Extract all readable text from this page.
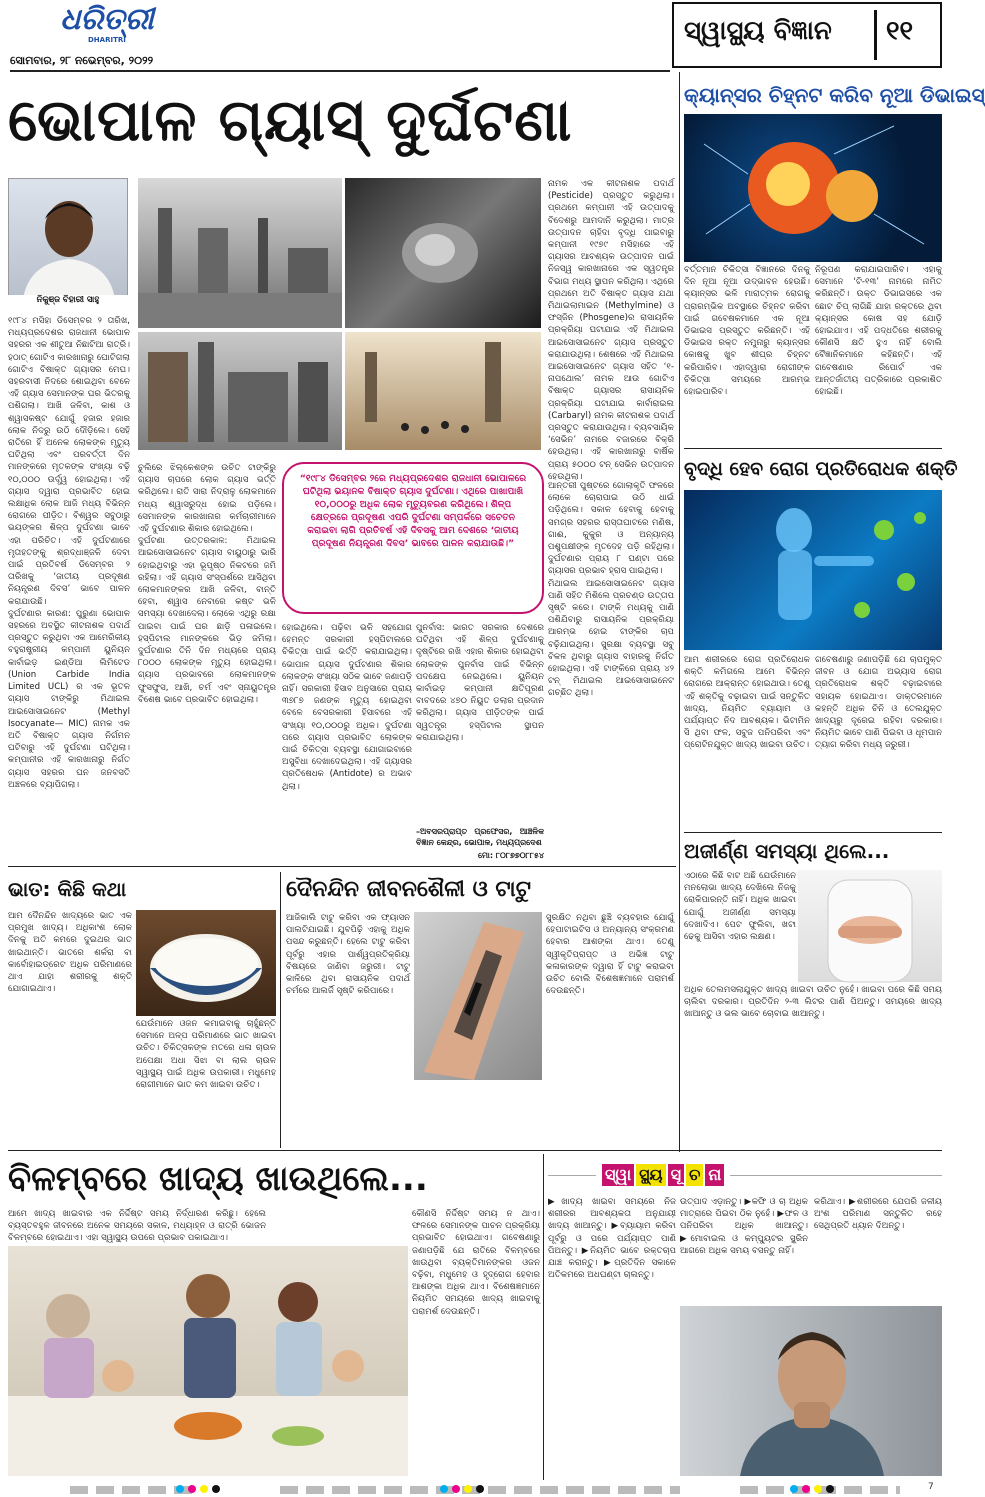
ଧରିତ୍ରୀ
DHARITRI
ସୋମବାର, ୨୮ ନଭେମ୍ବର, ୨୦୨୨
ସ୍ୱାସ୍ଥ୍ୟ ବିଜ୍ଞାନ ୧୧
ଭୋପାଳ ଗ୍ୟାସ୍ ଦୁର୍ଘଟଣା
ନିକୁଞ୍ଜ ବିହାରୀ ସାହୁ
୧୯୮୪ ମସିହା ଡିସେମ୍ବର ୨ ତାରିଖ, ମଧ୍ୟପ୍ରଦେଶର ରାଜଧାନୀ ଭୋପାଳ ସହରର ଏକ ଶୀତୁଆ ନିଛାଟିଆ ରାତ୍ରି। ହଠାତ୍‌ ଗୋଟିଏ କାରଖାନାରୁ ଘୋଟିଗଲା ଗୋଟିଏ ବିଷାକ୍ତ ଗ୍ୟାସର ମେଘ। ସହରବାସୀ ନିଦରେ ଶୋଇଥିବା ବେଳେ ଏହି ଗ୍ୟାସ ସେମାନଙ୍କ ଘର ଭିତରକୁ ପଶିଗଲା। ଆଖି ଜଳିବା, କାଶ ଓ ଶ୍ୱାସକଷ୍ଟ ଯୋଗୁଁ ହଜାର ହଜାର ଲୋକ ନିଦରୁ ଉଠି ଦୌଡ଼ିଲେ। ସେହି ରାତିରେ ହିଁ ଅନେକ ଲୋକଙ୍କ ମୃତ୍ୟୁ ଘଟିଥିଲା ଏବଂ ପରବର୍ତ୍ତୀ ଦିନ ମାନଙ୍କରେ ମୃତକଙ୍କ ସଂଖ୍ୟା ବଢ଼ି ୧୦,୦୦୦ ଉର୍ଦ୍ଧ୍ୱ ହୋଇଥିଲା। ଏହି ଗ୍ୟାସ ଦ୍ୱାରା ପ୍ରଭାବିତ ହୋଇ ଲକ୍ଷାଧିକ ଲୋକ ଆଜି ମଧ୍ୟ ବିଭିନ୍ନ ରୋଗରେ ପୀଡ଼ିତ। ବିଶ୍ୱର ସବୁଠାରୁ ଭୟଙ୍କର ଶିଳ୍ପ ଦୁର୍ଘଟଣା ଭାବେ ଏହା ପରିଚିତ। ଏହି ଦୁର୍ଘଟଣାରେ ମୃତାହତଙ୍କୁ ଶ୍ରଦ୍ଧାଞ୍ଜଳି ଦେବା ପାଇଁ ପ୍ରତିବର୍ଷ ଡିସେମ୍ବର ୨ ତାରିଖକୁ ‘ଜାତୀୟ ପ୍ରଦୂଷଣ ନିୟନ୍ତ୍ରଣ ଦିବସ’ ଭାବେ ପାଳନ କରାଯାଉଛି।
ଦୁର୍ଘଟଣାର କାରଣ: ପୁରୁଣା ଭୋପାଳ ସହରରେ ଅବସ୍ଥିତ କୀଟନାଶକ ପଦାର୍ଥ ପ୍ରସ୍ତୁତ କରୁଥିବା ଏକ ଆମେରିକୀୟ ବହୁରାଷ୍ଟ୍ରୀୟ କମ୍ପାନୀ ୟୁନିୟନ କାର୍ବାଇଡ଼ ଇଣ୍ଡିଆ ଲିମିଟେଡ (Union Carbide India Limited UCL) ର ଏକ ଭୂତଳ ଗ୍ୟାସ ଟାଙ୍କିରୁ ମିଥାଇଲ ଆଇସୋସାଇନେଟ (Methyl Isocyanate— MIC) ନାମକ ଏକ ଅତି ବିଷାକ୍ତ ଗ୍ୟାସ ନିର୍ଗମନ ଘଟିବାରୁ ଏହି ଦୁର୍ଘଟଣା ଘଟିଥିଲା। କମ୍ପାନୀର ଏହି କାରଖାନାରୁ ନିର୍ଗତ ଗ୍ୟାସ ସହରର ଘନ ଜନବସତି ଅଞ୍ଚଳରେ ବ୍ୟାପିଗଲା।
ନାମକ ଏକ କୀଟନାଶକ ପଦାର୍ଥ (Pesticide) ପ୍ରସ୍ତୁତ କରୁଥିଲା। ପ୍ରଥମେ କମ୍ପାନୀ ଏହି ଉତ୍ପାଦକୁ ବିଦେଶରୁ ଆମଦାନି କରୁଥିଲା। ମାତ୍ର ଉତ୍ପାଦନ ଚାହିଦା ବୃଦ୍ଧି ପାଇବାରୁ କମ୍ପାନୀ ୧୯୭୯ ମସିହାରେ ଏହି ଗ୍ୟାସର ଆବଶ୍ୟକ ଉତ୍ପାଦନ ପାଇଁ ନିଜସ୍ୱ କାରଖାନାରେ ଏକ ସ୍ୱତନ୍ତ୍ର ବିଭାଗ ମଧ୍ୟ ସ୍ଥାପନ କରିଥିଲା। ଏଥିରେ ପ୍ରଥମେ ଅତି ବିଷାକ୍ତ ଗ୍ୟାସ ଯଥା ମିଥାଇଲାମାଇନ (Methylmine) ଓ ଫସ୍‌ଜିନ (Phosgene)ର ରାସାୟନିକ ପ୍ରକ୍ରିୟା ଘଟାଯାଇ ଏହି ମିଥାଇଲ ଆଇସୋସାଇନେଟ ଗ୍ୟାସ ପ୍ରସ୍ତୁତ କରାଯାଉଥିଲା। ଶେଷରେ ଏହି ମିଥାଇଲ ଆଇସୋସାଇନେଟ ଗ୍ୟାସ ସହିତ ‘୧-ନାପଥୋଲ’ ନାମକ ଆଉ ଗୋଟିଏ ବିଷାକ୍ତ ଗ୍ୟାସର ରାସାୟନିକ ପ୍ରକ୍ରିୟା ଘଟାଯାଇ କାର୍ବାରାଇଲ (Carbaryl) ନାମକ କୀଟନାଶକ ପଦାର୍ଥ ପ୍ରସ୍ତୁତ କରାଯାଉଥିଲା। ବ୍ୟବସାୟିକ ‘ସେଭିନ’ ନାମରେ ବଜାରରେ ବିକ୍ରି ହେଉଥିଲା। ଏହି କାରଖାନାରୁ ବାର୍ଷିକ ପ୍ରାୟ ୫୦୦୦ ଟନ୍ ସେଭିନ ଉତ୍ପାଦନ ହେଉଥିଲା।
“୧୯୮୪ ଡିସେମ୍ବର ୨ରେ ମଧ୍ୟପ୍ରଦେଶର ରାଜଧାନୀ ଭୋପାଳରେ ଘଟିଥିଲା ଭୟାନକ ବିଷାକ୍ତ ଗ୍ୟାସ ଦୁର୍ଘଟଣା। ଏଥିରେ ପାଖାପାଖି ୧୦,୦୦୦ରୁ ଅଧିକ ଲୋକ ମୃତ୍ୟୁବରଣ କରିଥିଲେ। ଶିଳ୍ପ କ୍ଷେତ୍ରରେ ପ୍ରଦୂଷଣ ଏପରି ଦୁର୍ଘଟଣା ସମ୍ପର୍କରେ ସଚେତନ କରାଇବା ଲାଗି ପ୍ରତିବର୍ଷ ଏହି ଦିବସକୁ ଆମ ଦେଶରେ ‘ଜାତୀୟ ପ୍ରଦୂଷଣ ନିୟନ୍ତ୍ରଣ ଦିବସ’ ଭାବରେ ପାଳନ କରାଯାଉଛି।”
ଚୁଲିରେ ଝିଲ୍‌କେଶଙ୍କ ଉଚିତ ଟାଙ୍କିରୁ ଗ୍ୟାସ ଚାପରେ ଲୋକ ଗ୍ୟାସ ଭର୍ତ୍ତି କରିଥିଲେ। ରାତି ସାରା ନିଦ୍ରାଳୁ ଲୋକମାନେ ମଧ୍ୟ ଶ୍ୱାସରୁଦ୍ଧ ହୋଇ ପଡ଼ିଲେ। ସେମାନଙ୍କ କାରଖାନାର କର୍ମଚାରୀମାନେ ଏହି ଦୁର୍ଘଟଣାର ଶିକାର ହୋଇଥିଲେ।
ଦୁର୍ଘଟଣା ଉତ୍ତରକାଳ: ମିଥାଇଲ ଆଇସୋସାଇନେଟ ଗ୍ୟାସ ବାୟୁଠାରୁ ଭାରି ହୋଇଥିବାରୁ ଏହା ଭୂପୃଷ୍ଠ ନିକଟରେ ଜମି ରହିଲା। ଏହି ଗ୍ୟାସ ସଂସ୍ପର୍ଶରେ ଆସିଥିବା ଲୋକମାନଙ୍କର ଆଖି ଜଳିବା, ବାନ୍ତି ହେବା, ଶ୍ୱାସ ନେବାରେ କଷ୍ଟ ଭଳି ସମସ୍ୟା ଦେଖାଦେଲା। ଲୋକେ ଏଥିରୁ ରକ୍ଷା ପାଇବା ପାଇଁ ଘର ଛାଡ଼ି ପଳାଇଲେ। ହସ୍ପିଟାଲ ମାନଙ୍କରେ ଭିଡ଼ ଜମିଲା। ଦୁର୍ଘଟଣାର ତିନି ଦିନ ମଧ୍ୟରେ ପ୍ରାୟ ୮୦୦୦ ଲୋକଙ୍କ ମୃତ୍ୟୁ ହୋଇଥିଲା। ଗ୍ୟାସ ପ୍ରଭାବରେ ଲୋକମାନଙ୍କ ଫୁସଫୁସ, ଆଖି, ଚର୍ମ ଏବଂ ସ୍ନାୟୁତନ୍ତ୍ର ବିଶେଷ ଭାବେ ପ୍ରଭାବିତ ହୋଇଥିଲା।
ଆନ୍ତରୀ ପୁଷ୍ଟରେ ଗୋଲାକୃତି ଫଳରେ ଲୋକେ ଚୋରାପାଇ ଉଠି ଧାଇଁ ପଡ଼ିଥିଲେ। ସକାଳ ହେବାକୁ ହେବାକୁ ସମଗ୍ର ସହରର ରାସ୍ତାଘାଟରେ ମଣିଷ, ଗାଈ, କୁକୁର ଓ ଅନ୍ୟାନ୍ୟ ପଶୁପକ୍ଷୀଙ୍କ ମୃତଦେହ ପଡ଼ି ରହିଥିଲା। ଦୁର୍ଘଟଣାର ପ୍ରାୟ ୮ ଘଣ୍ଟା ପରେ ଗ୍ୟାସର ପ୍ରଭାବ ହ୍ରାସ ପାଇଥିଲା।
ମିଥାଇଲ ଆଇସୋସାଇନେଟ ଗ୍ୟାସ ପାଣି ସହିତ ମିଶିଲେ ପ୍ରଚଣ୍ଡ ଉତ୍ତାପ ସୃଷ୍ଟି କରେ। ଟାଙ୍କି ମଧ୍ୟକୁ ପାଣି ପଶିଯିବାରୁ ରାସାୟନିକ ପ୍ରକ୍ରିୟା ଆରମ୍ଭ ହୋଇ ଟାଙ୍କିର ଚାପ ବଢ଼ିଯାଇଥିଲା। ସୁରକ୍ଷା ବ୍ୟବସ୍ଥା ସବୁ ବିକଳ ଥିବାରୁ ଗ୍ୟାସ ବାହାରକୁ ନିର୍ଗତ ହୋଇଥିଲା। ଏହି ଟାଙ୍କିରେ ପ୍ରାୟ ୪୨ ଟନ୍ ମିଥାଇଲ ଆଇସୋସାଇନେଟ ଗଚ୍ଛିତ ଥିଲା।
ହୋଇଥିଲେ। ପଢ଼ିବା ଭଳି ସହଯୋଗ ହେମନ୍ତ ସରକାରୀ ହସ୍ପିଟାଲରେ ଚିକିତ୍ସା ପାଇଁ ଭର୍ତ୍ତି କରାଯାଇଥିଲା। ଭୋପାଳ ଗ୍ୟାସ ଦୁର୍ଘଟଣାର ଶିକାର ଲୋକଙ୍କ ସଂଖ୍ୟା ସଠିକ ଭାବେ ଜଣାପଡ଼ି ନାହିଁ। ସରକାରୀ ହିସାବ ଅନୁସାରେ ପ୍ରାୟ ୩୭୮୭ ଜଣଙ୍କ ମୃତ୍ୟୁ ହୋଇଥିବା ବେଳେ ବେସରକାରୀ ହିସାବରେ ଏହି ସଂଖ୍ୟା ୧୦,୦୦୦ରୁ ଅଧିକ। ଦୁର୍ଘଟଣା ପରେ ଗ୍ୟାସ ପ୍ରଭାବିତ ଲୋକଙ୍କ ପାଇଁ ଚିକିତ୍ସା ବ୍ୟବସ୍ଥା ଯୋଗାଇବାରେ ଅସୁବିଧା ଦେଖାଦେଇଥିଲା। ଏହି ଗ୍ୟାସର ପ୍ରତିଷେଧକ (Antidote) ର ଅଭାବ ଥିଲା।
ପୁନର୍ବାସ: ଭାରତ ସରକାର ଦେଶରେ ଘଟିଥିବା ଏହି ଶିଳ୍ପ ଦୁର୍ଘଟଣାକୁ ଦୃଷ୍ଟିରେ ରଖି ଏହାର ଶିକାର ହୋଇଥିବା ଲୋକଙ୍କ ପୁନର୍ବାସ ପାଇଁ ବିଭିନ୍ନ ପଦକ୍ଷେପ ନେଇଥିଲେ। ୟୁନିୟନ କାର୍ବାଇଡ଼ କମ୍ପାନୀ କ୍ଷତିପୂରଣ ବାବଦରେ ୪୭୦ ନିୟୁତ ଡଲାର ପ୍ରଦାନ କରିଥିଲା। ଗ୍ୟାସ ପୀଡ଼ିତଙ୍କ ପାଇଁ ସ୍ୱତନ୍ତ୍ର ହସ୍ପିଟାଲ ସ୍ଥାପନ କରାଯାଇଥିଲା।
–ଅବସରପ୍ରାପ୍ତ ପ୍ରଫେସର, ଆଞ୍ଚଳିକ ବିଜ୍ଞାନ କେନ୍ଦ୍ର, ଭୋପାଳ, ମଧ୍ୟପ୍ରଦେଶ
ମୋ: ୮୦୮୭୭୦୮୮୫୪
କ୍ୟାନ୍ସର ଚିହ୍ନଟ କରିବ ନୂଆ ଡିଭାଇସ୍
ବର୍ତ୍ତମାନ ଚିକିତ୍ସା ବିଜ୍ଞାନରେ ଦିନକୁ ଦିନ ନୂଆ ନୂଆ ଉଦ୍ଭାବନ ହେଉଛି। କ୍ୟାନ୍ସର ଭଳି ମାରାତ୍ମକ ରୋଗକୁ ପ୍ରାରମ୍ଭିକ ଅବସ୍ଥାରେ ଚିହ୍ନଟ କରିବା ପାଇଁ ଗବେଷକମାନେ ଏକ ନୂଆ ଡିଭାଇସ ପ୍ରସ୍ତୁତ କରିଛନ୍ତି। ଏହି ଡିଭାଇସ ରକ୍ତ ନମୁନାରୁ କ୍ୟାନ୍ସର କୋଷକୁ ଖୁବ ଶୀଘ୍ର ଚିହ୍ନଟ କରିପାରିବ। ଏହାଦ୍ୱାରା ରୋଗୀଙ୍କ ଚିକିତ୍ସା ସମୟରେ ଆରମ୍ଭ ହୋଇପାରିବ।
ନିରୂପଣ କରାଯାଇପାରିବ। ଏହାକୁ ସେମାନେ ‘ଟି-୧୩’ ନାମରେ ନାମିତ କରିଛନ୍ତି। ଉକ୍ତ ଡିଭାଇସରେ ଏକ ଛୋଟ ଚିପ୍ ଲାଗିଛି ଯାହା ରକ୍ତରେ ଥିବା କ୍ୟାନ୍ସର କୋଷ ସହ ଯୋଡ଼ି ହୋଇଯାଏ। ଏହି ପଦ୍ଧତିରେ ଶରୀରକୁ କୌଣସି କ୍ଷତି ହୁଏ ନାହିଁ ବୋଲି ବୈଜ୍ଞାନିକମାନେ କହିଛନ୍ତି। ଏହି ଗବେଷଣାର ରିପୋର୍ଟ ଏକ ଆନ୍ତର୍ଜାତୀୟ ପତ୍ରିକାରେ ପ୍ରକାଶିତ ହୋଇଛି।
ବୃଦ୍ଧି ହେବ ରୋଗ ପ୍ରତିରୋଧକ ଶକ୍ତି
ଆମ ଶରୀରରେ ରୋଗ ପ୍ରତିରୋଧକ ଶକ୍ତି କମିଗଲେ ଆମେ ବିଭିନ୍ନ ରୋଗରେ ଆକ୍ରାନ୍ତ ହୋଇଥାଉ। ତେଣୁ ଏହି ଶକ୍ତିକୁ ବଢ଼ାଇବା ପାଇଁ ସନ୍ତୁଳିତ ଖାଦ୍ୟ, ନିୟମିତ ବ୍ୟାୟାମ ଓ ପର୍ଯ୍ୟାପ୍ତ ନିଦ ଆବଶ୍ୟକ। ଭିଟାମିନ ସି ଥିବା ଫଳ, ସବୁଜ ପନିପରିବା ଏବଂ ପ୍ରୋଟିନଯୁକ୍ତ ଖାଦ୍ୟ ଖାଇବା ଉଚିତ।
ଗବେଷଣାରୁ ଜଣାପଡ଼ିଛି ଯେ ଚାପମୁକ୍ତ ଜୀବନ ଓ ଯୋଗ ଅଭ୍ୟାସ ରୋଗ ପ୍ରତିରୋଧକ ଶକ୍ତି ବଢ଼ାଇବାରେ ସହାୟକ ହୋଇଥାଏ। ଡାକ୍ତରମାନେ କହନ୍ତି ଅଧିକ ଚିନି ଓ ତେଲଯୁକ୍ତ ଖାଦ୍ୟରୁ ଦୂରେଇ ରହିବା ଦରକାର। ନିୟମିତ ଭାବେ ପାଣି ପିଇବା ଓ ଧୂମପାନ ତ୍ୟାଗ କରିବା ମଧ୍ୟ ଜରୁରୀ।
ଅଜୀର୍ଣ୍ଣ ସମସ୍ୟା ଥିଲେ...
ଏଠାରେ କିଛି ବାଟ ଅଛି ଯେଉଁମାନେ ମନଲୋଭା ଖାଦ୍ୟ ଦେଖିଲେ ନିଜକୁ ରୋକିପାରନ୍ତି ନାହିଁ। ଅଧିକ ଖାଇବା ଯୋଗୁଁ ଅଜୀର୍ଣ୍ଣ ସମସ୍ୟା ଦେଖାଦିଏ। ପେଟ ଫୁଲିବା, ଖଟା ଢେକୁ ଆସିବା ଏହାର ଲକ୍ଷଣ।
ଅଧିକ ତେଲମସଲାଯୁକ୍ତ ଖାଦ୍ୟ ଖାଇବା ଉଚିତ ନୁହେଁ। ଖାଇବା ପରେ କିଛି ସମୟ ଚାଲିବା ଦରକାର। ପ୍ରତିଦିନ ୨-୩ ଲିଟର ପାଣି ପିଅନ୍ତୁ। ସମୟରେ ଖାଦ୍ୟ ଖାଆନ୍ତୁ ଓ ଭଲ ଭାବେ ଚୋବାଇ ଖାଆନ୍ତୁ।
ଭାତ: କିଛି କଥା
ଆମ ଦୈନନ୍ଦିନ ଖାଦ୍ୟରେ ଭାତ ଏକ ପ୍ରମୁଖ ଖାଦ୍ୟ। ଅଧିକାଂଶ ଲୋକ ଦିନକୁ ଅତି କମରେ ଦୁଇଥର ଭାତ ଖାଇଥାନ୍ତି। ଭାତରେ ଶର୍କରା ବା କାର୍ବୋହାଇଡ୍ରେଟ ଅଧିକ ପରିମାଣରେ ଥାଏ ଯାହା ଶରୀରକୁ ଶକ୍ତି ଯୋଗାଇଥାଏ।
ଯେଉଁମାନେ ଓଜନ କମାଇବାକୁ ଚାହୁଁଛନ୍ତି ସେମାନେ ଅଳ୍ପ ପରିମାଣରେ ଭାତ ଖାଇବା ଉଚିତ। ଚିକିତ୍ସକଙ୍କ ମତରେ ଧଳା ଚାଉଳ ଅପେକ୍ଷା ଅଧା ସିଝା ବା ଲାଲ ଚାଉଳ ସ୍ୱାସ୍ଥ୍ୟ ପାଇଁ ଅଧିକ ଉପକାରୀ। ମଧୁମେହ ରୋଗୀମାନେ ଭାତ କମ ଖାଇବା ଉଚିତ।
ଦୈନନ୍ଦିନ ଜୀବନଶୈଳୀ ଓ ଟାଟୁ
ଆଜିକାଲି ଟାଟୁ କରିବା ଏକ ଫ୍ୟାସନ ପାଲଟିଯାଇଛି। ଯୁବପିଢ଼ି ଏହାକୁ ଅଧିକ ପସନ୍ଦ କରୁଛନ୍ତି। ହେଲେ ଟାଟୁ କରିବା ପୂର୍ବରୁ ଏହାର ପାର୍ଶ୍ୱପ୍ରତିକ୍ରିୟା ବିଷୟରେ ଜାଣିବା ଜରୁରୀ। ଟାଟୁ କାଳିରେ ଥିବା ରାସାୟନିକ ପଦାର୍ଥ ଚର୍ମରେ ଆଲର୍ଜି ସୃଷ୍ଟି କରିପାରେ।
ସୁରକ୍ଷିତ ନଥିବା ଛୁଞ୍ଚି ବ୍ୟବହାର ଯୋଗୁଁ ହେପାଟାଇଟିସ ଓ ଅନ୍ୟାନ୍ୟ ସଂକ୍ରମଣ ହେବାର ଆଶଙ୍କା ଥାଏ। ତେଣୁ ସ୍ୱୀକୃତିପ୍ରାପ୍ତ ଓ ଅଭିଜ୍ଞ ଟାଟୁ କଳାକାରଙ୍କ ଦ୍ୱାରା ହିଁ ଟାଟୁ କରାଇବା ଉଚିତ ବୋଲି ବିଶେଷଜ୍ଞମାନେ ପରାମର୍ଶ ଦେଉଛନ୍ତି।
ବିଳମ୍ବରେ ଖାଦ୍ୟ ଖାଉଥିଲେ...
ଆମେ ଖାଦ୍ୟ ଖାଇବାର ଏକ ନିର୍ଦ୍ଦିଷ୍ଟ ସମୟ ନିର୍ଦ୍ଧାରଣ କରିଛୁ। ହେଲେ ବ୍ୟସ୍ତବହୁଳ ଜୀବନରେ ଅନେକ ସମୟରେ ସକାଳ, ମଧ୍ୟାହ୍ନ ଓ ରାତ୍ରି ଭୋଜନ ବିଳମ୍ବରେ ହୋଇଥାଏ। ଏହା ସ୍ୱାସ୍ଥ୍ୟ ଉପରେ ପ୍ରଭାବ ପକାଇଥାଏ।
କୌଣସି ନିର୍ଦ୍ଦିଷ୍ଟ ସମୟ ନ ଥାଏ। ଫଳରେ ସେମାନଙ୍କ ପାଚନ ପ୍ରକ୍ରିୟା ପ୍ରଭାବିତ ହୋଇଥାଏ। ଗବେଷଣାରୁ ଜଣାପଡ଼ିଛି ଯେ ରାତିରେ ବିଳମ୍ବରେ ଖାଉଥିବା ବ୍ୟକ୍ତିମାନଙ୍କର ଓଜନ ବଢ଼ିବା, ମଧୁମେହ ଓ ହୃଦ୍‌ରୋଗ ହେବାର ଆଶଙ୍କା ଅଧିକ ଥାଏ। ବିଶେଷଜ୍ଞମାନେ ନିୟମିତ ସମୟରେ ଖାଦ୍ୟ ଖାଇବାକୁ ପରାମର୍ଶ ଦେଉଛନ୍ତି।
ସ୍ୱା ସ୍ଥ୍ୟ ସୂ ଚ ନା
▶ଖାଦ୍ୟ ଖାଇବା ସମୟରେ ନିଜ ଶରୀରର ଆବଶ୍ୟକତା ଅନୁଯାୟୀ ଖାଦ୍ୟ ଖାଆନ୍ତୁ। ▶ବ୍ୟାୟାମ କରିବା ପୂର୍ବରୁ ଓ ପରେ ପର୍ଯ୍ୟାପ୍ତ ପାଣି ପିଅନ୍ତୁ। ▶ନିୟମିତ ଭାବେ ରକ୍ତଚାପ ଯାଞ୍ଚ କରାନ୍ତୁ। ▶ପ୍ରତିଦିନ ସକାଳେ ଅତିକମରେ ଅଧଘଣ୍ଟା ଚାଲନ୍ତୁ।
ଉତ୍ପାଦ ଏଡ଼ାନ୍ତୁ। ▶କଫି ଓ ଚା ଅଧିକ ମାତ୍ରାରେ ପିଇବା ଠିକ ନୁହେଁ। ▶ଫଳ ଓ ପନିପରିବା ଅଧିକ ଖାଆନ୍ତୁ। ▶ମୋବାଇଲ ଓ କମ୍ପ୍ୟୁଟର ସ୍କ୍ରିନ ଆଗରେ ଅଧିକ ସମୟ ବସନ୍ତୁ ନାହିଁ।
କରିଥାଏ। ▶ଶରୀରରେ ଯେପରି ଜଳୀୟ ଅଂଶ ପରିମାଣ ସନ୍ତୁଳିତ ରହେ ସେଥିପ୍ରତି ଧ୍ୟାନ ଦିଅନ୍ତୁ।
7
